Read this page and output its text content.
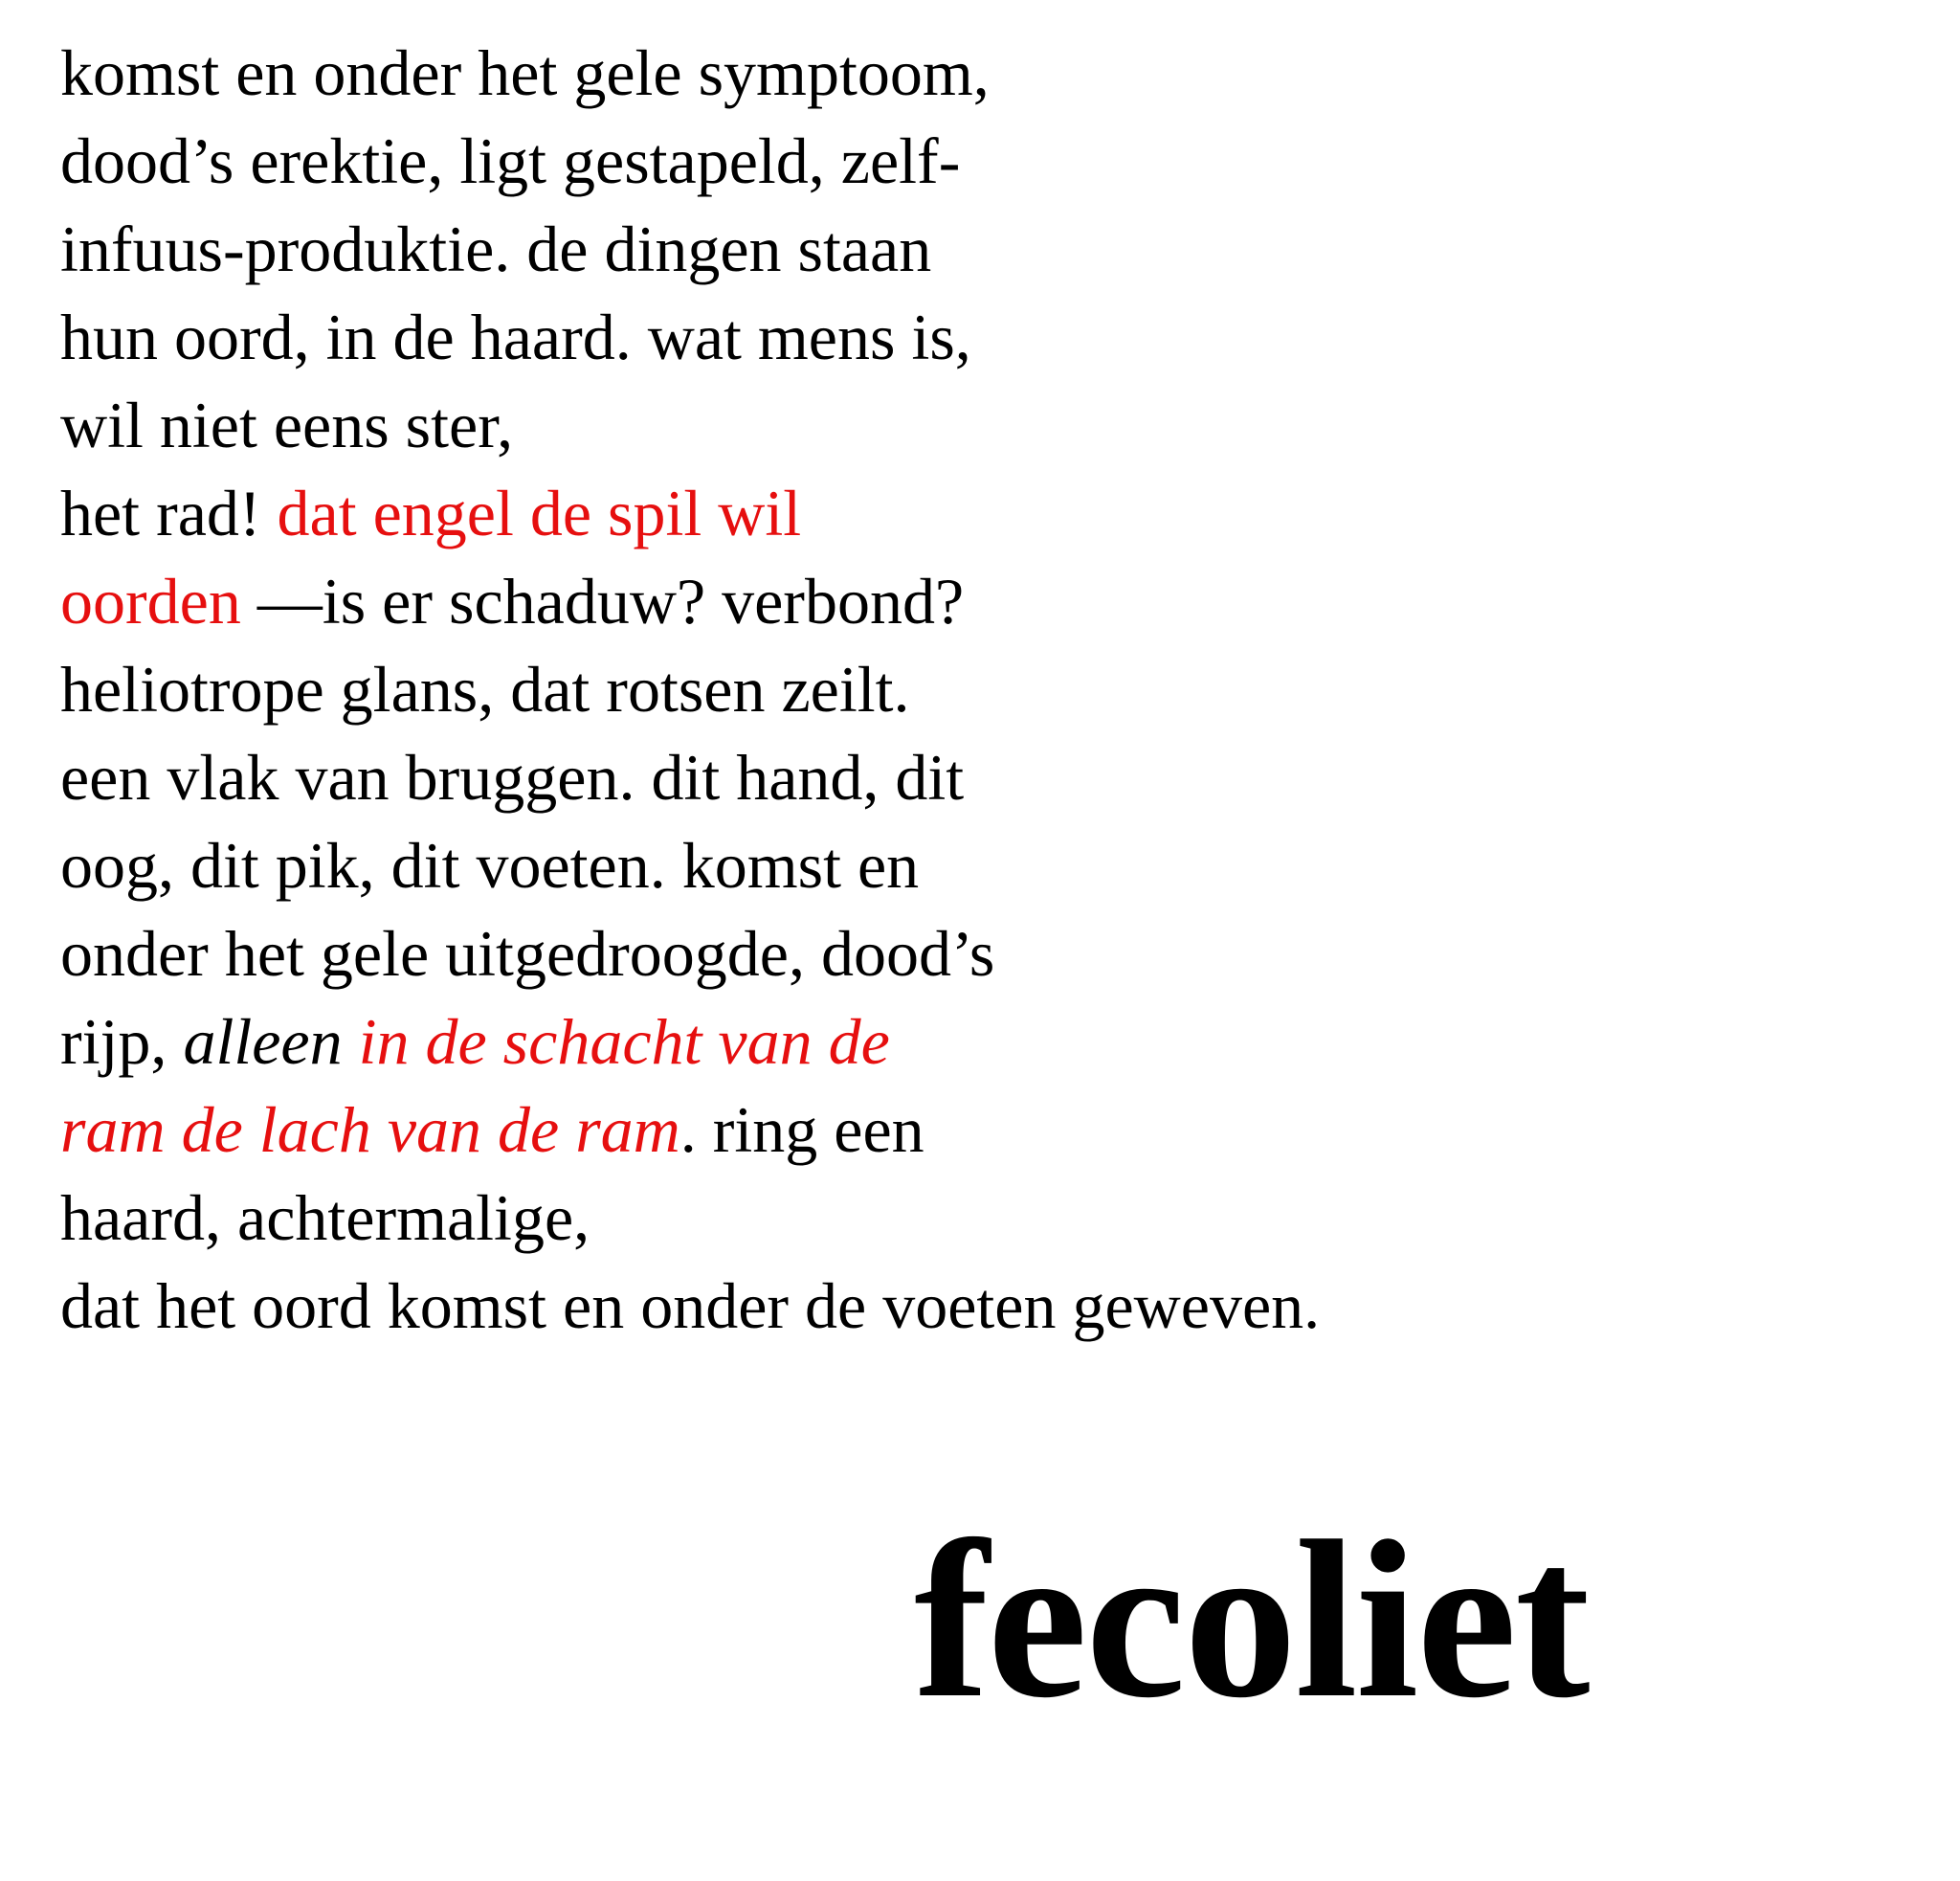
komst en onder het gele symptoom,
dood’s erektie, ligt gestapeld, zelf-
infuus-produktie. de dingen staan
hun oord, in de haard. wat mens is,
wil niet eens ster,
het rad! dat engel de spil wil
oorden —is er schaduw? verbond?
heliotrope glans, dat rotsen zeilt.
een vlak van bruggen. dit hand, dit
oog, dit pik, dit voeten. komst en
onder het gele uitgedroogde, dood’s
rijp, alleen in de schacht van de
ram de lach van de ram. ring een
haard, achtermalige,
dat het oord komst en onder de voeten geweven.
fecoliet
